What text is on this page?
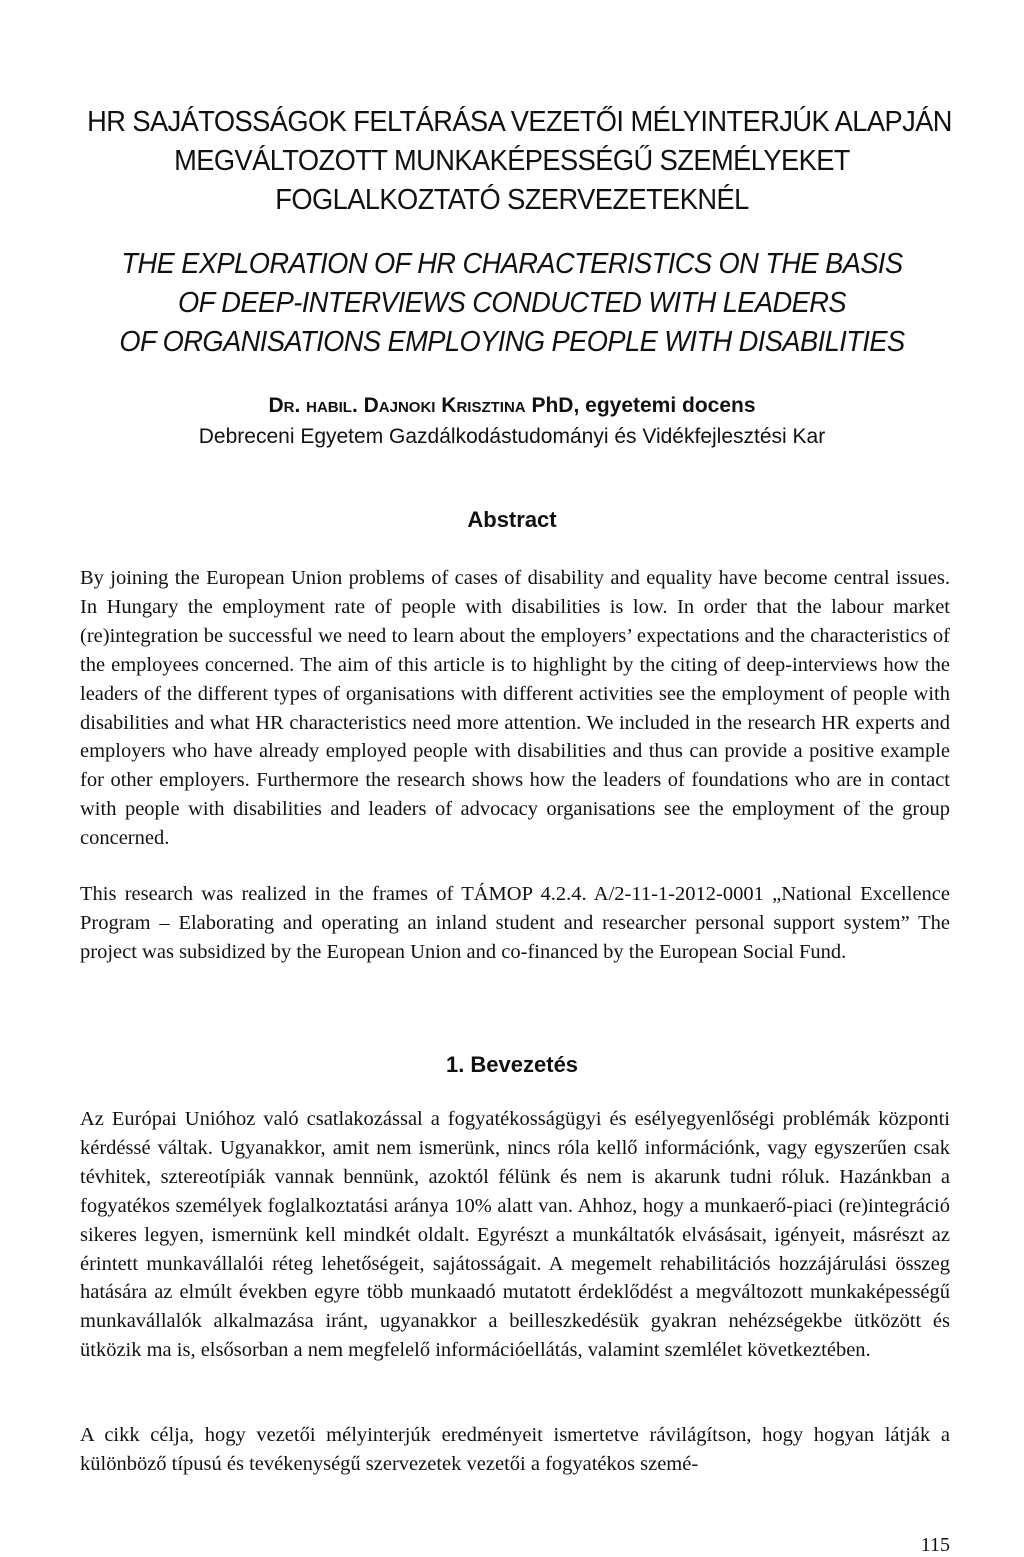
HR SAJÁTOSSÁGOK FELTÁRÁSA VEZETŐI MÉLYINTERJÚK ALAPJÁN
MEGVÁLTOZOTT MUNKAKÉPESSÉGŰ SZEMÉLYEKET
FOGLALKOZTATÓ SZERVEZETEKNÉL
THE EXPLORATION OF HR CHARACTERISTICS ON THE BASIS
OF DEEP-INTERVIEWS CONDUCTED WITH LEADERS
OF ORGANISATIONS EMPLOYING PEOPLE WITH DISABILITIES
Dr. habil. Dajnoki Krisztina PhD, egyetemi docens
Debreceni Egyetem Gazdálkodástudományi és Vidékfejlesztési Kar
Abstract

By joining the European Union problems of cases of disability and equality have become central issues. In Hungary the employment rate of people with disabilities is low. In order that the labour market (re)integration be successful we need to learn about the employers’ expectations and the characteristics of the employees concerned. The aim of this article is to highlight by the citing of deep-interviews how the leaders of the different types of organisations with different activities see the employment of people with disabilities and what HR characteristics need more attention. We included in the research HR experts and employers who have already employed people with disabilities and thus can provide a positive example for other employers. Furthermore the research shows how the leaders of foundations who are in contact with people with disabilities and leaders of advocacy organisations see the employment of the group concerned.

This research was realized in the frames of TÁMOP 4.2.4. A/2-11-1-2012-0001 „National Excellence Program – Elaborating and operating an inland student and researcher personal support system” The project was subsidized by the European Union and co-financed by the European Social Fund.

1. Bevezetés

Az Európai Unióhoz való csatlakozással a fogyatékosságügyi és esélyegyenlőségi problémák központi kérdéssé váltak. Ugyanakkor, amit nem ismerünk, nincs róla kellő információnk, vagy egyszerűen csak tévhitek, sztereotípiák vannak bennünk, azoktól félünk és nem is akarunk tudni róluk. Hazánkban a fogyatékos személyek foglalkoztatási aránya 10% alatt van. Ahhoz, hogy a munkaerő-piaci (re)integráció sikeres legyen, ismernünk kell mindkét oldalt. Egyrészt a munkáltatók elvásásait, igényeit, másrészt az érintett munkavállalói réteg lehetőségeit, sajátosságait. A megemelt rehabilitációs hozzájárulási összeg hatására az elmúlt években egyre több munkaadó mutatott érdeklődést a megváltozott munkaképességű munkavállalók alkalmazása iránt, ugyanakkor a beilleszkedésük gyakran nehézségekbe ütközött és ütközik ma is, elsősorban a nem megfelelő információellátás, valamint szemlélet következtében.

A cikk célja, hogy vezetői mélyinterjúk eredményeit ismertetve rávilágítson, hogy hogyan látják a különböző típusú és tevékenységű szervezetek vezetői a fogyatékos szemé-

115
